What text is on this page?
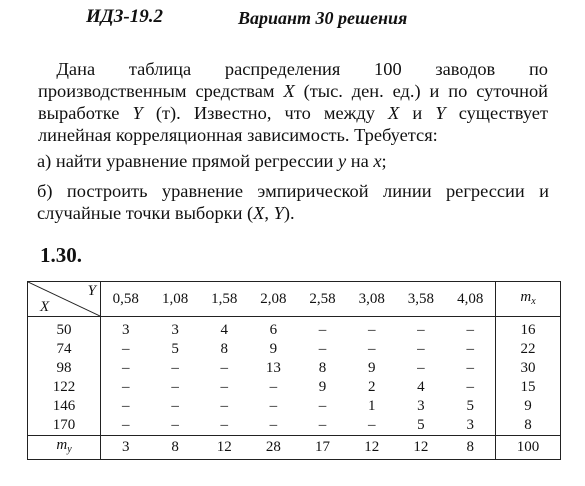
ИДЗ-19.2	Вариант 30 решения
 Дана таблица распределения 100 заводов по производственным средствам X (тыс. ден. ед.) и по суточной выработке Y (т). Известно, что между X и Y существует линейная корреляционная зависимость. Требуется:
а) найти уравнение прямой регрессии y на x;
б) построить уравнение эмпирической линии регрессии и случайные точки выборки (X, Y).
1.30.
Y
X	0,58	1,08	1,58	2,08	2,58	3,08	3,58	4,08	$m_x$
50	3	3	4	6	–	–	–	–	16
74	–	5	8	9	–	–	–	–	22
98	–	–	–	13	8	9	–	–	30
122	–	–	–	–	9	2	4	–	15
146	–	–	–	–	–	1	3	5	9
170	–	–	–	–	–	–	5	3	8
$m_y$	3	8	12	28	17	12	12	8	100
